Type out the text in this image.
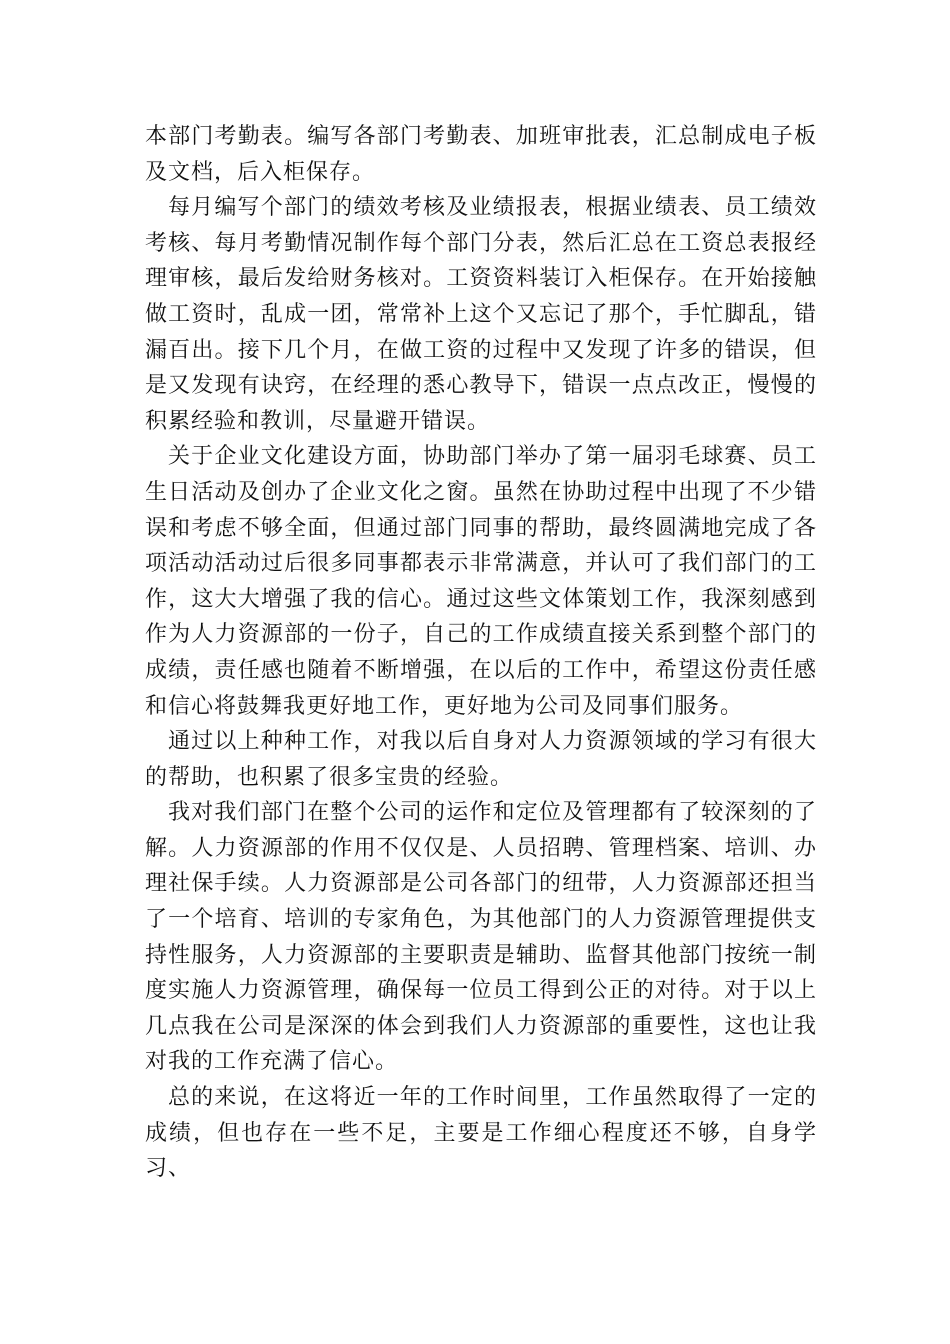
本部门考勤表。编写各部门考勤表、加班审批表，汇总制成电子板及文档，后入柜保存。

每月编写个部门的绩效考核及业绩报表，根据业绩表、员工绩效考核、每月考勤情况制作每个部门分表，然后汇总在工资总表报经理审核，最后发给财务核对。工资资料装订入柜保存。在开始接触做工资时，乱成一团，常常补上这个又忘记了那个，手忙脚乱，错漏百出。接下几个月，在做工资的过程中又发现了许多的错误，但是又发现有诀窍，在经理的悉心教导下，错误一点点改正，慢慢的积累经验和教训，尽量避开错误。

关于企业文化建设方面，协助部门举办了第一届羽毛球赛、员工生日活动及创办了企业文化之窗。虽然在协助过程中出现了不少错误和考虑不够全面，但通过部门同事的帮助，最终圆满地完成了各项活动活动过后很多同事都表示非常满意，并认可了我们部门的工作，这大大增强了我的信心。通过这些文体策划工作，我深刻感到作为人力资源部的一份子，自己的工作成绩直接关系到整个部门的成绩，责任感也随着不断增强，在以后的工作中，希望这份责任感和信心将鼓舞我更好地工作，更好地为公司及同事们服务。

通过以上种种工作，对我以后自身对人力资源领域的学习有很大的帮助，也积累了很多宝贵的经验。

我对我们部门在整个公司的运作和定位及管理都有了较深刻的了解。人力资源部的作用不仅仅是、人员招聘、管理档案、培训、办理社保手续。人力资源部是公司各部门的纽带，人力资源部还担当了一个培育、培训的专家角色，为其他部门的人力资源管理提供支持性服务，人力资源部的主要职责是辅助、监督其他部门按统一制度实施人力资源管理，确保每一位员工得到公正的对待。对于以上几点我在公司是深深的体会到我们人力资源部的重要性，这也让我对我的工作充满了信心。

总的来说，在这将近一年的工作时间里，工作虽然取得了一定的成绩，但也存在一些不足，主要是工作细心程度还不够，自身学习、
